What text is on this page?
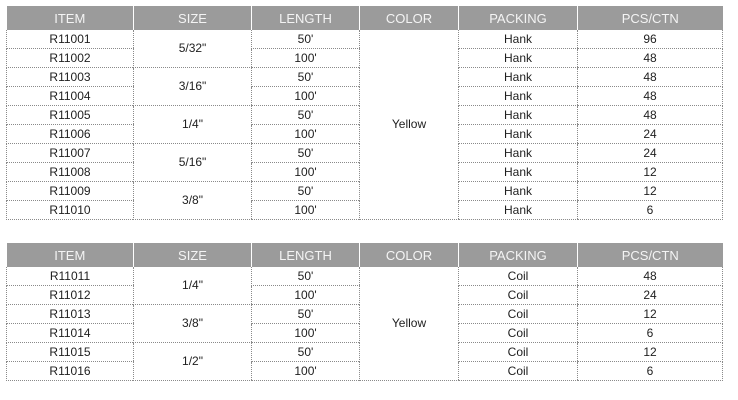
ITEM	SIZE	LENGTH	COLOR	PACKING	PCS/CTN
R11001	5/32"	50'	Yellow	Hank	96
R11002		100'		Hank	48
R11003	3/16"	50'		Hank	48
R11004		100'		Hank	48
R11005	1/4"	50'		Hank	48
R11006		100'		Hank	24
R11007	5/16"	50'		Hank	24
R11008		100'		Hank	12
R11009	3/8"	50'		Hank	12
R11010		100'		Hank	6
ITEM	SIZE	LENGTH	COLOR	PACKING	PCS/CTN
R11011	1/4"	50'	Yellow	Coil	48
R11012		100'		Coil	24
R11013	3/8"	50'		Coil	12
R11014		100'		Coil	6
R11015	1/2"	50'		Coil	12
R11016		100'		Coil	6
